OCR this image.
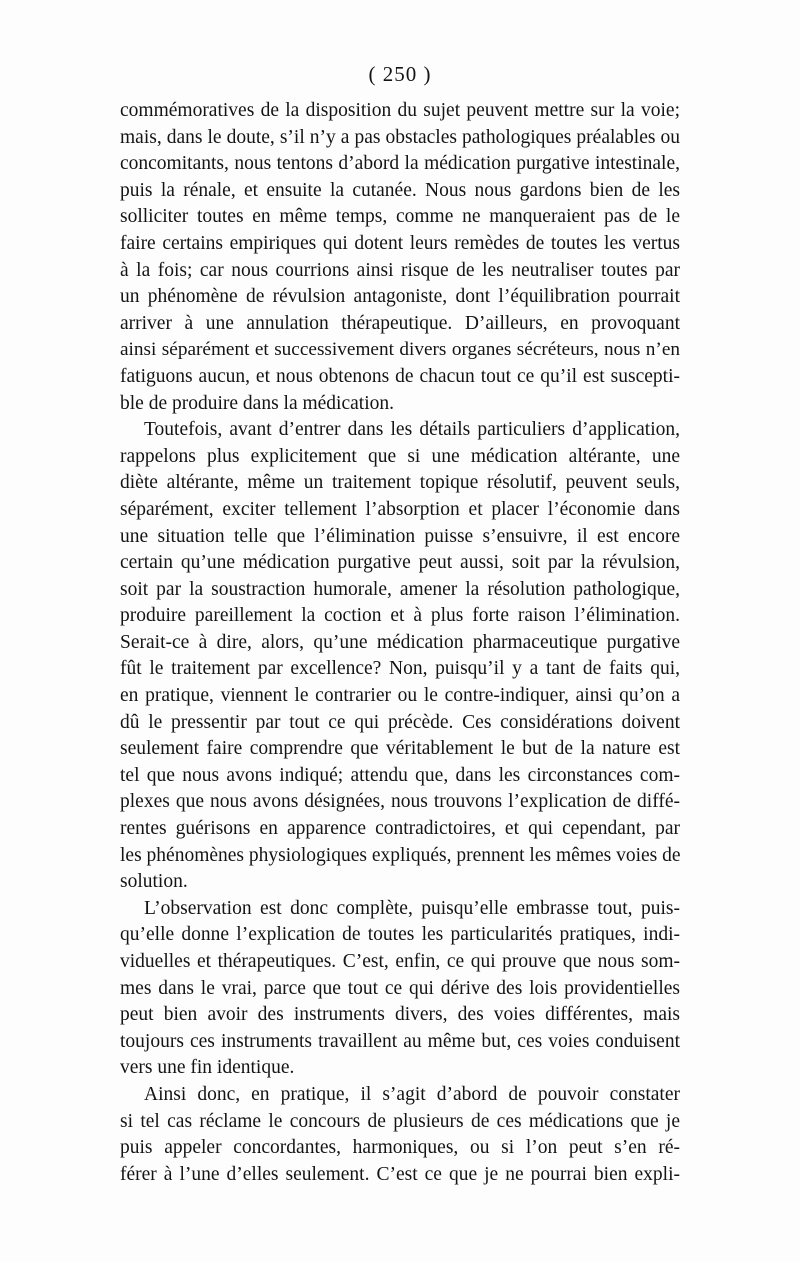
( 250 )
commémoratives de la disposition du sujet peuvent mettre sur la voie;
mais, dans le doute, s’il n’y a pas obstacles pathologiques préalables ou
concomitants, nous tentons d’abord la médication purgative intestinale,
puis la rénale, et ensuite la cutanée. Nous nous gardons bien de les
solliciter toutes en même temps, comme ne manqueraient pas de le
faire certains empiriques qui dotent leurs remèdes de toutes les vertus
à la fois; car nous courrions ainsi risque de les neutraliser toutes par
un phénomène de révulsion antagoniste, dont l’équilibration pourrait
arriver à une annulation thérapeutique. D’ailleurs, en provoquant
ainsi séparément et successivement divers organes sécréteurs, nous n’en
fatiguons aucun, et nous obtenons de chacun tout ce qu’il est suscepti-
ble de produire dans la médication.
Toutefois, avant d’entrer dans les détails particuliers d’application,
rappelons plus explicitement que si une médication altérante, une
diète altérante, même un traitement topique résolutif, peuvent seuls,
séparément, exciter tellement l’absorption et placer l’économie dans
une situation telle que l’élimination puisse s’ensuivre, il est encore
certain qu’une médication purgative peut aussi, soit par la révulsion,
soit par la soustraction humorale, amener la résolution pathologique,
produire pareillement la coction et à plus forte raison l’élimination.
Serait-ce à dire, alors, qu’une médication pharmaceutique purgative
fût le traitement par excellence? Non, puisqu’il y a tant de faits qui,
en pratique, viennent le contrarier ou le contre-indiquer, ainsi qu’on a
dû le pressentir par tout ce qui précède. Ces considérations doivent
seulement faire comprendre que véritablement le but de la nature est
tel que nous avons indiqué; attendu que, dans les circonstances com-
plexes que nous avons désignées, nous trouvons l’explication de diffé-
rentes guérisons en apparence contradictoires, et qui cependant, par
les phénomènes physiologiques expliqués, prennent les mêmes voies de
solution.
L’observation est donc complète, puisqu’elle embrasse tout, puis-
qu’elle donne l’explication de toutes les particularités pratiques, indi-
viduelles et thérapeutiques. C’est, enfin, ce qui prouve que nous som-
mes dans le vrai, parce que tout ce qui dérive des lois providentielles
peut bien avoir des instruments divers, des voies différentes, mais
toujours ces instruments travaillent au même but, ces voies conduisent
vers une fin identique.
Ainsi donc, en pratique, il s’agit d’abord de pouvoir constater
si tel cas réclame le concours de plusieurs de ces médications que je
puis appeler concordantes, harmoniques, ou si l’on peut s’en ré-
férer à l’une d’elles seulement. C’est ce que je ne pourrai bien expli-
